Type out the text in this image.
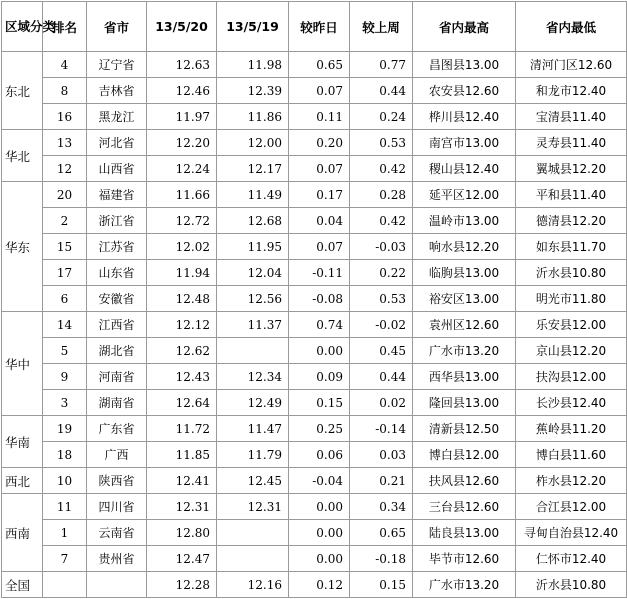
区域分类	排名	省市	13/5/20	13/5/19	较昨日	较上周	省内最高	省内最低
东北	4	辽宁省	12.63	11.98	0.65	0.77	昌图县13.00	清河门区12.60
	8	吉林省	12.46	12.39	0.07	0.44	农安县12.60	和龙市12.40
	16	黑龙江	11.97	11.86	0.11	0.24	桦川县12.40	宝清县11.40
华北	13	河北省	12.20	12.00	0.20	0.53	南宫市13.00	灵寿县11.40
	12	山西省	12.24	12.17	0.07	0.42	稷山县12.40	翼城县12.20
华东	20	福建省	11.66	11.49	0.17	0.28	延平区12.00	平和县11.40
	2	浙江省	12.72	12.68	0.04	0.42	温岭市13.00	德清县12.20
	15	江苏省	12.02	11.95	0.07	-0.03	响水县12.20	如东县11.70
	17	山东省	11.94	12.04	-0.11	0.22	临朐县13.00	沂水县10.80
	6	安徽省	12.48	12.56	-0.08	0.53	裕安区13.00	明光市11.80
华中	14	江西省	12.12	11.37	0.74	-0.02	袁州区12.60	乐安县12.00
	5	湖北省	12.62		0.00	0.45	广水市13.20	京山县12.20
	9	河南省	12.43	12.34	0.09	0.44	西华县13.00	扶沟县12.00
	3	湖南省	12.64	12.49	0.15	0.02	隆回县13.00	长沙县12.40
华南	19	广东省	11.72	11.47	0.25	-0.14	清新县12.50	蕉岭县11.20
	18	广西	11.85	11.79	0.06	0.03	博白县12.00	博白县11.60
西北	10	陕西省	12.41	12.45	-0.04	0.21	扶风县12.60	柞水县12.20
西南	11	四川省	12.31	12.31	0.00	0.34	三台县12.60	合江县12.00
	1	云南省	12.80		0.00	0.65	陆良县13.00	寻甸自治县12.40
	7	贵州省	12.47		0.00	-0.18	毕节市12.60	仁怀市12.40
全国			12.28	12.16	0.12	0.15	广水市13.20	沂水县10.80
